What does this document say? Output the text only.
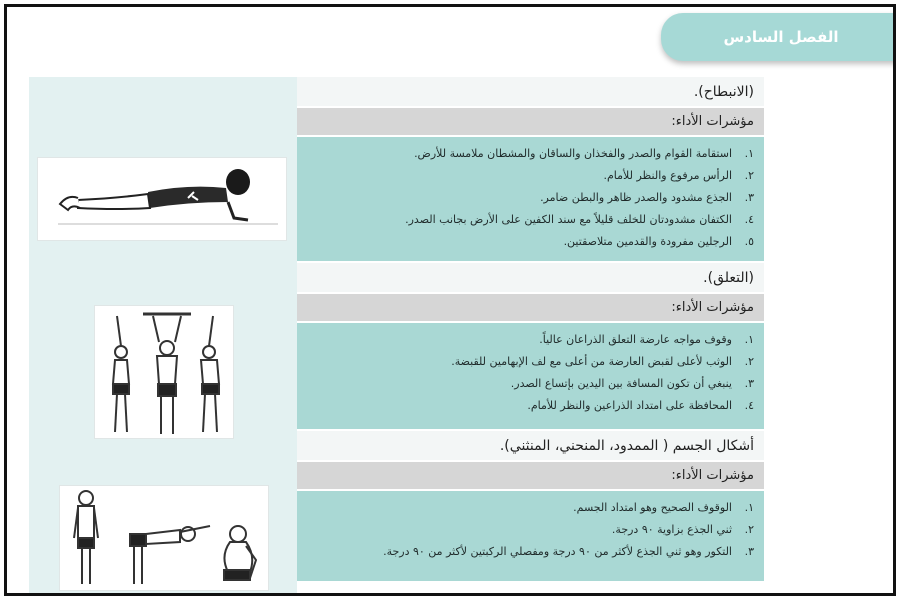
الفصل السادس
(الانبطاح).
مؤشرات الأداء:
١.
استقامة القوام والصدر والفخذان والساقان والمشطان ملامسة للأرض.
٢.
الرأس مرفوع والنظر للأمام.
٣.
الجذع مشدود والصدر ظاهر والبطن ضامر.
٤.
الكتفان مشدودتان للخلف قليلاً مع سند الكفين على الأرض بجانب الصدر.
٥.
الرجلين مفرودة والقدمين متلاصقتين.
(التعلق).
مؤشرات الأداء:
١.
وقوف مواجه عارضة التعلق الذراعان عالياً.
٢.
الوثب لأعلى لقبض العارضة من أعلى مع لف الإبهامين للقبضة.
٣.
ينبغي أن تكون المسافة بين اليدين بإتساع الصدر.
٤.
المحافظة على امتداد الذراعين والنظر للأمام.
أشكال الجسم ( الممدود، المنحني، المنثني).
مؤشرات الأداء:
١.
الوقوف الصحيح وهو امتداد الجسم.
٢.
ثني الجذع بزاوية ٩٠ درجة.
٣.
التكور وهو ثني الجذع لأكثر من ٩٠ درجة ومفصلي الركبتين لأكثر من ٩٠ درجة.
